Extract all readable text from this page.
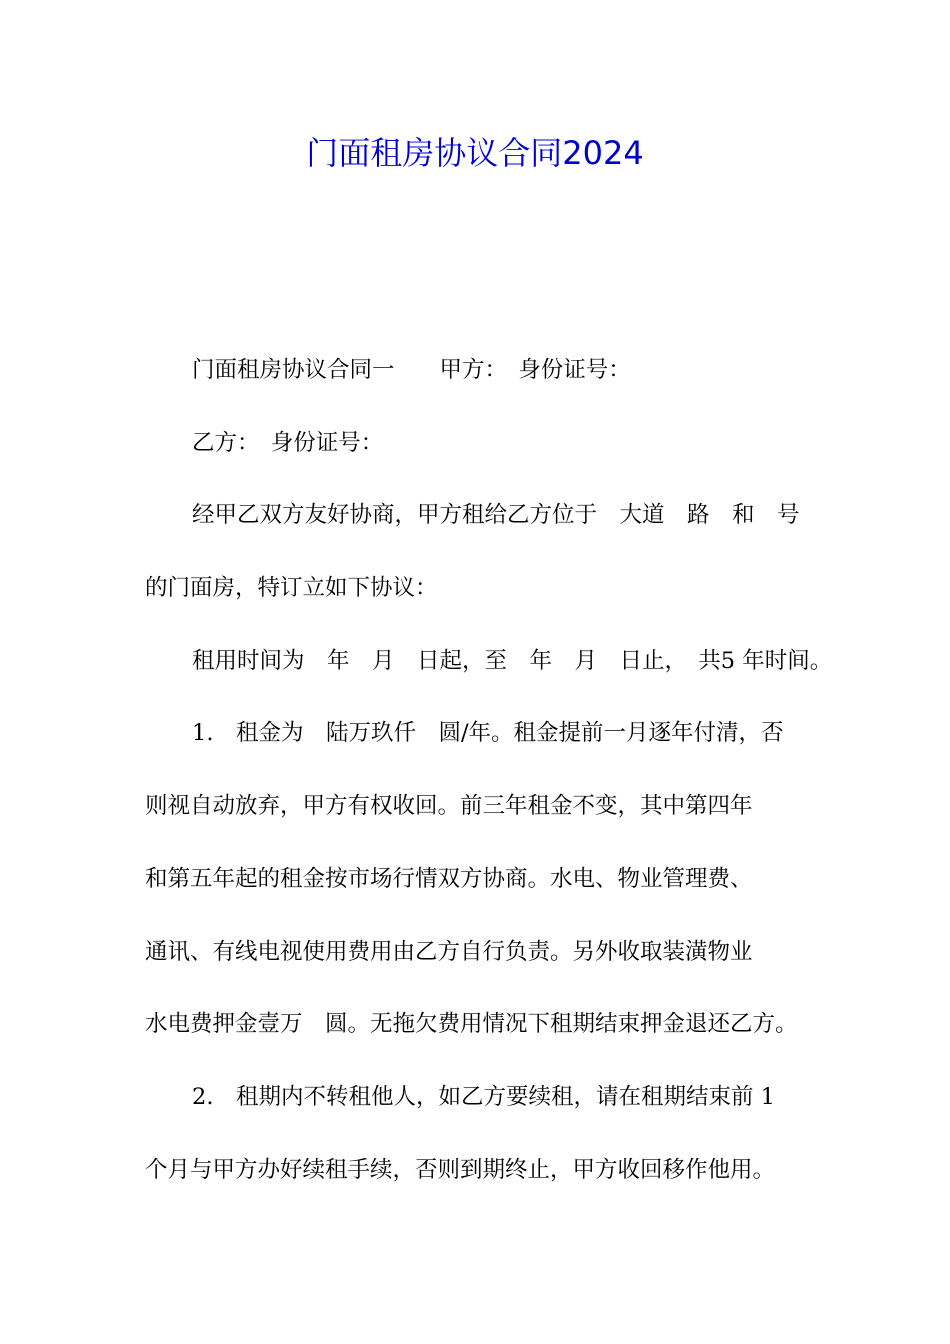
门面租房协议合同2024
门面租房协议合同一　　甲方：　身份证号：
乙方：　身份证号：
经甲乙双方友好协商，甲方租给乙方位于　大道　路　和　号
的门面房，特订立如下协议：
租用时间为　年　月　日起，至　年　月　日止，　共5 年时间。
1.　租金为　陆万玖仟　圆/年。租金提前一月逐年付清，否
则视自动放弃，甲方有权收回。前三年租金不变，其中第四年
和第五年起的租金按市场行情双方协商。水电、物业管理费、
通讯、有线电视使用费用由乙方自行负责。另外收取装潢物业
水电费押金壹万　圆。无拖欠费用情况下租期结束押金退还乙方。
2.　租期内不转租他人，如乙方要续租，请在租期结束前 1
个月与甲方办好续租手续，否则到期终止，甲方收回移作他用。
